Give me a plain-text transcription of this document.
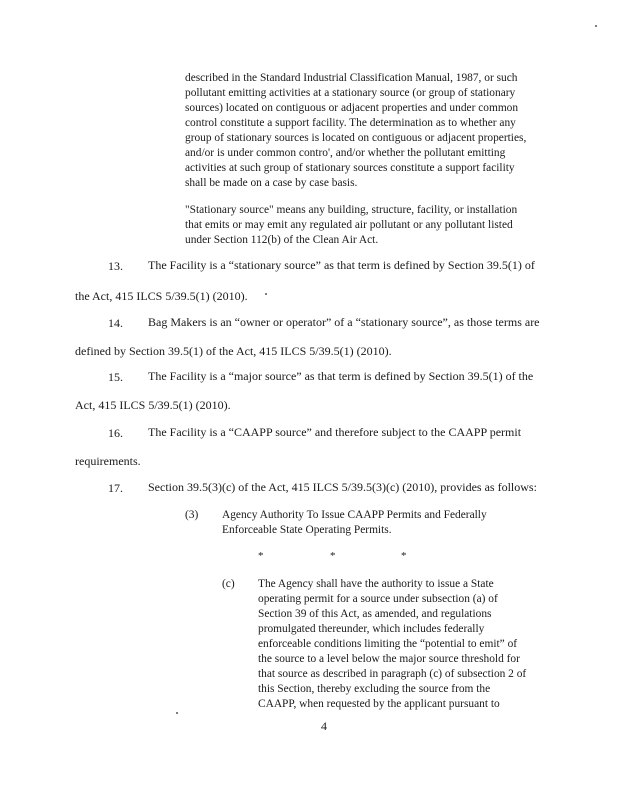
described in the Standard Industrial Classification Manual, 1987, or such
pollutant emitting activities at a stationary source (or group of stationary
sources) located on contiguous or adjacent properties and under common
control constitute a support facility. The determination as to whether any
group of stationary sources is located on contiguous or adjacent properties,
and/or is under common contro', and/or whether the pollutant emitting
activities at such group of stationary sources constitute a support facility
shall be made on a case by case basis.
"Stationary source" means any building, structure, facility, or installation
that emits or may emit any regulated air pollutant or any pollutant listed
under Section 112(b) of the Clean Air Act.
13. The Facility is a “stationary source” as that term is defined by Section 39.5(1) of
the Act, 415 ILCS 5/39.5(1) (2010).
14. Bag Makers is an “owner or operator” of a “stationary source”, as those terms are
defined by Section 39.5(1) of the Act, 415 ILCS 5/39.5(1) (2010).
15. The Facility is a “major source” as that term is defined by Section 39.5(1) of the
Act, 415 ILCS 5/39.5(1) (2010).
16. The Facility is a “CAAPP source” and therefore subject to the CAAPP permit
requirements.
17. Section 39.5(3)(c) of the Act, 415 ILCS 5/39.5(3)(c) (2010), provides as follows:
(3) Agency Authority To Issue CAAPP Permits and Federally
Enforceable State Operating Permits.
*	*	*
(c) The Agency shall have the authority to issue a State
operating permit for a source under subsection (a) of
Section 39 of this Act, as amended, and regulations
promulgated thereunder, which includes federally
enforceable conditions limiting the “potential to emit” of
the source to a level below the major source threshold for
that source as described in paragraph (c) of subsection 2 of
this Section, thereby excluding the source from the
CAAPP, when requested by the applicant pursuant to
4
